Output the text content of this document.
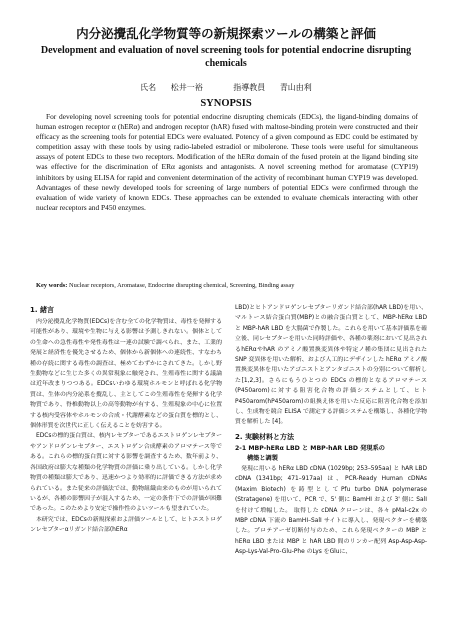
内分泌攪乱化学物質等の新規探索ツールの構築と評価
Development and evaluation of novel screening tools for potential endocrine disrupting chemicals
氏名 松井一裕	指導教員 青山由利
SYNOPSIS
For developing novel screening tools for potential endocrine disrupting chemicals (EDCs), the ligand-binding domains of human estrogen receptor α (hERα) and androgen receptor (hAR) fused with maltose-binding protein were constructed and their efficacy as the screening tools for potential EDCs were evaluated. Potency of a given compound as EDC could be estimated by competition assay with these tools by using radio-labeled estradiol or mibolerone. These tools were useful for simultaneous assays of potent EDCs to these two receptors. Modification of the hERα domain of the fused protein at the ligand binding site was effective for the discrimination of ERα agonists and antagonists. A novel screening method for aromatase (CYP19) inhibitors by using ELISA for rapid and convenient determination of the activity of recombinant human CYP19 was developed. Advantages of these newly developed tools for screening of large numbers of potential EDCs were confirmed through the evaluation of wide variety of known EDCs. These approaches can be extended to evaluate chemicals interacting with other nuclear receptors and P450 enzymes.
Key words: Nuclear receptors, Aromatase, Endocrine disrupting chemical, Screening, Binding assay
1. 緒言
内分泌攪乱化学物質(EDCs)を含む全ての化学物質は、毒性を発揮する可能性があり、環境や生物に与える影響は予測しきれない。個体としての生命への急性毒性や発性毒性は一連の試験で調べられ、また、工業的発展と経済性を優先させるため、個体から新個体への連続性、すなわち種の存続に関する毒性の調査は、極めてわずかにされてきた。しかし野生動物などに生じた多くの異常現象に触発され、生殖毒性に関する議論は近年改まりつつある。EDCsいわゆる環境ホルモンと呼ばれる化学物質は、生体の内分泌系を攪乱し、主としてこの生殖毒性を発揮する化学物質であり、脊椎動物以上の高等動物が有する、生殖現象の中心に位置する核内受容体やホルモンの合成・代謝酵素などの蛋白質を標的とし、個体形質を次世代に正しく伝えることを妨害する。
EDCsの標的蛋白質は、核内レセプターであるエストロゲンレセプターやアンドロゲンレセプター、エストロゲン合成酵素のアロマテース等である。これらの標的蛋白質に対する影響を調査するため、数年前より、各国政府は膨大な種類の化学物質の評価に乗り出している。しかし化学物質の種類は膨大であり、迅速かつより効率的に評価できる方法が求められている。また従来の評価法では、動物組織由来のものが用いられているが、各種の影響因子が混入するため、一定の条件下での評価が困難であった。このためより安定で操作性のよいツールも望まれていた。
本研究では、EDCsの新規探索およ評価ツールとして、ヒトエストロゲンレセプターαリガンド結合部(hERα
LBD)とヒトアンドロゲンレセプターリガンド結合部(hAR LBD)を用い、マルトース結合蛋白質(MBP)との融合蛋白質として、MBP-hERα LBD と MBP-hAR LBD を大腸菌で作製した。これらを用いて基本評価系を確立後、同レセプターを用いた同時評価や、各種の薬剤において見出されるhERαやhAR のアミノ酸置換変異体や特定ノ種の集団に見出された SNP 変異体を用いた解析、および人工的にデザインした hERα アミノ酸置換変異体を用いたアゴニストとアンタゴニストの分別について解析した[1,2,3]。さらにもうひとつの EDCs の標的となるアロマテース(P450arom)に対する阻害化合物の評価システムとして、ヒトP450arom(hP450arom)の組換え体を用いた反応に阻害化合物を添加し、生成物を競合 ELISA で測定する評価システムを構築し、各種化学物質を解析した [4]。
2. 実験材料と方法
2-1 MBP-hERα LBD と MBP-hAR LBD 発現系の
構築と調製
発現に用いる hERα LBD cDNA (1029bp; 253–595aa) と hAR LBD cDNA (1341bp; 471–917aa) は、PCR-Ready Human cDNAs (Maxim Biotech) を鋳型としてPfu turbo DNA polymerase (Stratagene) を用いて、PCR で、5' 側に BamHI および 3' 側に SalI を付けて増幅した。 取得した cDNA クローンは、各々 pMal-c2x の MBP cDNA 下流の BamHI–SalI サイトに導入し、発現ベクターを構築した。プロテアーゼ切断付与のため、これら発現ベクターの MBP と hERα LBD または MBP と hAR LBD 間のリンカー配列 Asp-Asp-Asp-Asp-Lys-Val-Pro-Glu-Phe のLys をGluに、
